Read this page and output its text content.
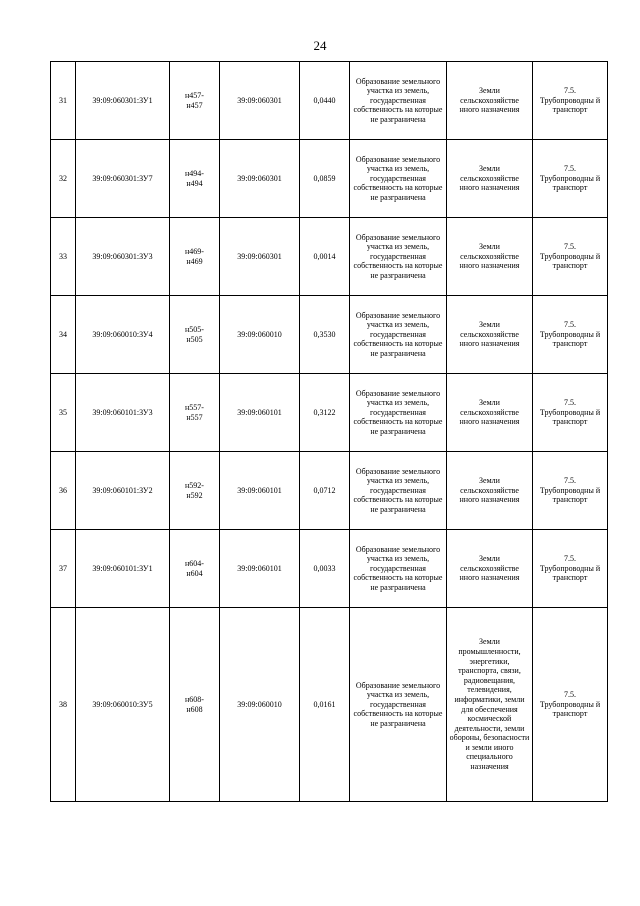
24
31	39:09:060301:ЗУ1	н457-н457	39:09:060301	0,0440	Образование земельного участка из земель, государственная собственность на которые не разграничена	Земли сельскохозяйстве нного назначения	7.5. Трубопроводны й транспорт

32	39:09:060301:ЗУ7	н494-н494	39:09:060301	0,0859	Образование земельного участка из земель, государственная собственность на которые не разграничена	Земли сельскохозяйстве нного назначения	7.5. Трубопроводны й транспорт

33	39:09:060301:ЗУ3	н469-н469	39:09:060301	0,0014	Образование земельного участка из земель, государственная собственность на которые не разграничена	Земли сельскохозяйстве нного назначения	7.5. Трубопроводны й транспорт

34	39:09:060010:ЗУ4	н505-н505	39:09:060010	0,3530	Образование земельного участка из земель, государственная собственность на которые не разграничена	Земли сельскохозяйстве нного назначения	7.5. Трубопроводны й транспорт

35	39:09:060101:ЗУ3	н557-н557	39:09:060101	0,3122	Образование земельного участка из земель, государственная собственность на которые не разграничена	Земли сельскохозяйстве нного назначения	7.5. Трубопроводны й транспорт

36	39:09:060101:ЗУ2	н592-н592	39:09:060101	0,0712	Образование земельного участка из земель, государственная собственность на которые не разграничена	Земли сельскохозяйстве нного назначения	7.5. Трубопроводны й транспорт

37	39:09:060101:ЗУ1	н604-н604	39:09:060101	0,0033	Образование земельного участка из земель, государственная собственность на которые не разграничена	Земли сельскохозяйстве нного назначения	7.5. Трубопроводны й транспорт

38	39:09:060010:ЗУ5	н608-н608	39:09:060010	0,0161	Образование земельного участка из земель, государственная собственность на которые не разграничена	Земли промышленности, энергетики, транспорта, связи, радиовещания, телевидения, информатики, земли для обеспечения космической деятельности, земли обороны, безопасности и земли иного специального назначения	7.5. Трубопроводны й транспорт
